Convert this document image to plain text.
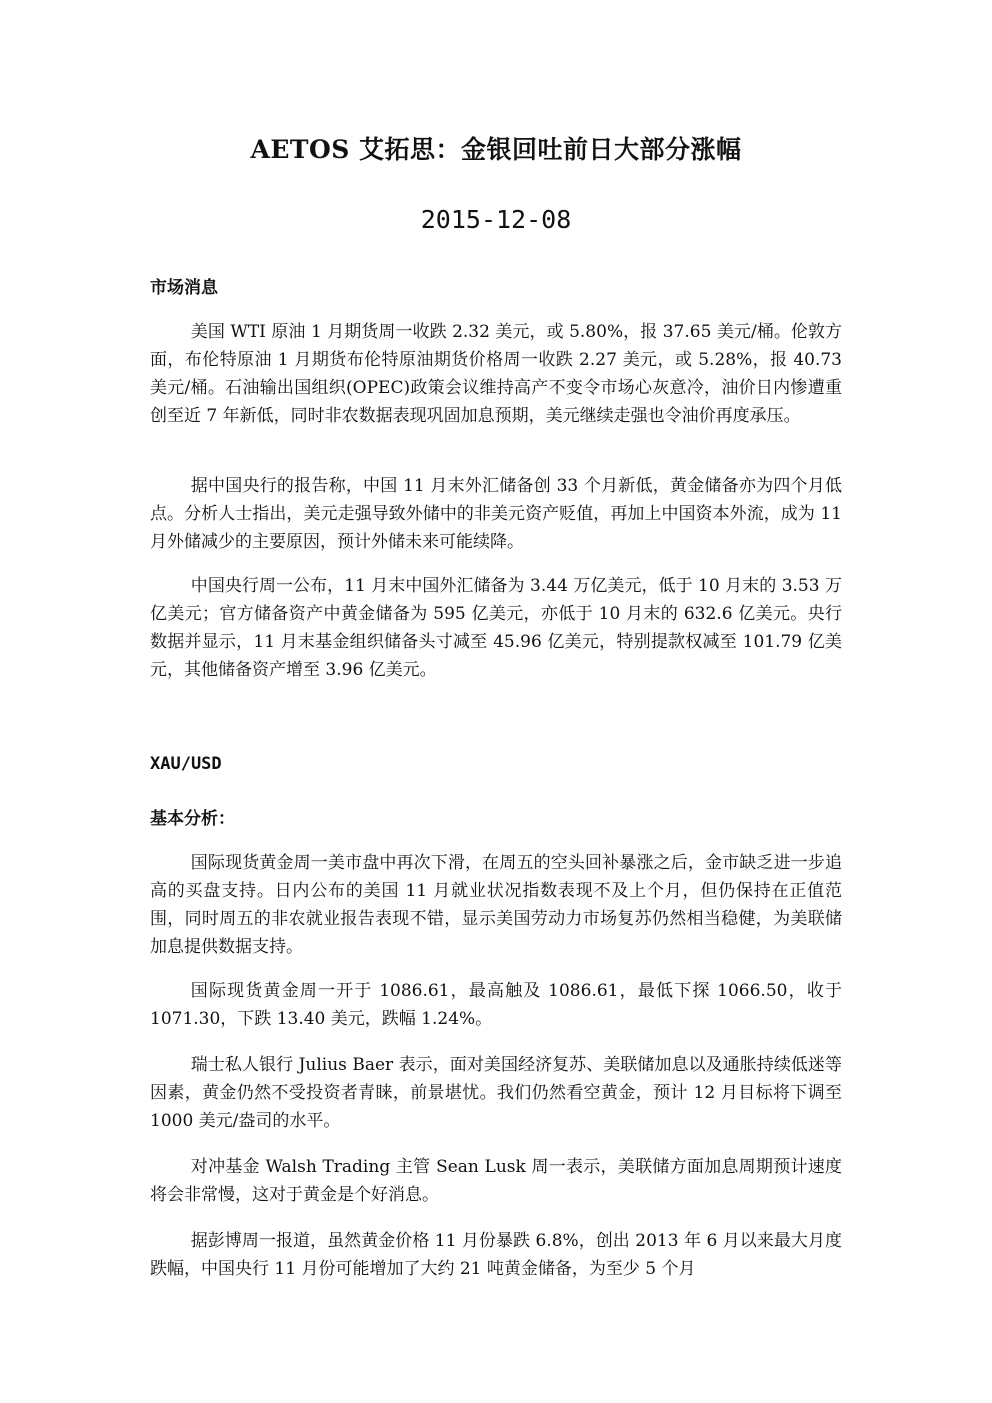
AETOS 艾拓思：金银回吐前日大部分涨幅
2015-12-08
市场消息
美国 WTI 原油 1 月期货周一收跌 2.32 美元，或 5.80%，报 37.65 美元/桶。伦敦方面，布伦特原油 1 月期货布伦特原油期货价格周一收跌 2.27 美元，或 5.28%，报 40.73 美元/桶。石油输出国组织(OPEC)政策会议维持高产不变令市场心灰意冷，油价日内惨遭重创至近 7 年新低，同时非农数据表现巩固加息预期，美元继续走强也令油价再度承压。
据中国央行的报告称，中国 11 月末外汇储备创 33 个月新低，黄金储备亦为四个月低点。分析人士指出，美元走强导致外储中的非美元资产贬值，再加上中国资本外流，成为 11 月外储减少的主要原因，预计外储未来可能续降。
中国央行周一公布，11 月末中国外汇储备为 3.44 万亿美元，低于 10 月末的 3.53 万亿美元；官方储备资产中黄金储备为 595 亿美元，亦低于 10 月末的 632.6 亿美元。央行数据并显示，11 月末基金组织储备头寸减至 45.96 亿美元，特别提款权减至 101.79 亿美元，其他储备资产增至 3.96 亿美元。
XAU/USD
基本分析：
国际现货黄金周一美市盘中再次下滑，在周五的空头回补暴涨之后，金市缺乏进一步追高的买盘支持。日内公布的美国 11 月就业状况指数表现不及上个月，但仍保持在正值范围，同时周五的非农就业报告表现不错，显示美国劳动力市场复苏仍然相当稳健，为美联储加息提供数据支持。
国际现货黄金周一开于 1086.61，最高触及 1086.61，最低下探 1066.50，收于 1071.30，下跌 13.40 美元，跌幅 1.24%。
瑞士私人银行 Julius Baer 表示，面对美国经济复苏、美联储加息以及通胀持续低迷等因素，黄金仍然不受投资者青睐，前景堪忧。我们仍然看空黄金，预计 12 月目标将下调至 1000 美元/盎司的水平。
对冲基金 Walsh Trading 主管 Sean Lusk 周一表示，美联储方面加息周期预计速度将会非常慢，这对于黄金是个好消息。
据彭博周一报道，虽然黄金价格 11 月份暴跌 6.8%，创出 2013 年 6 月以来最大月度跌幅，中国央行 11 月份可能增加了大约 21 吨黄金储备，为至少 5 个月
